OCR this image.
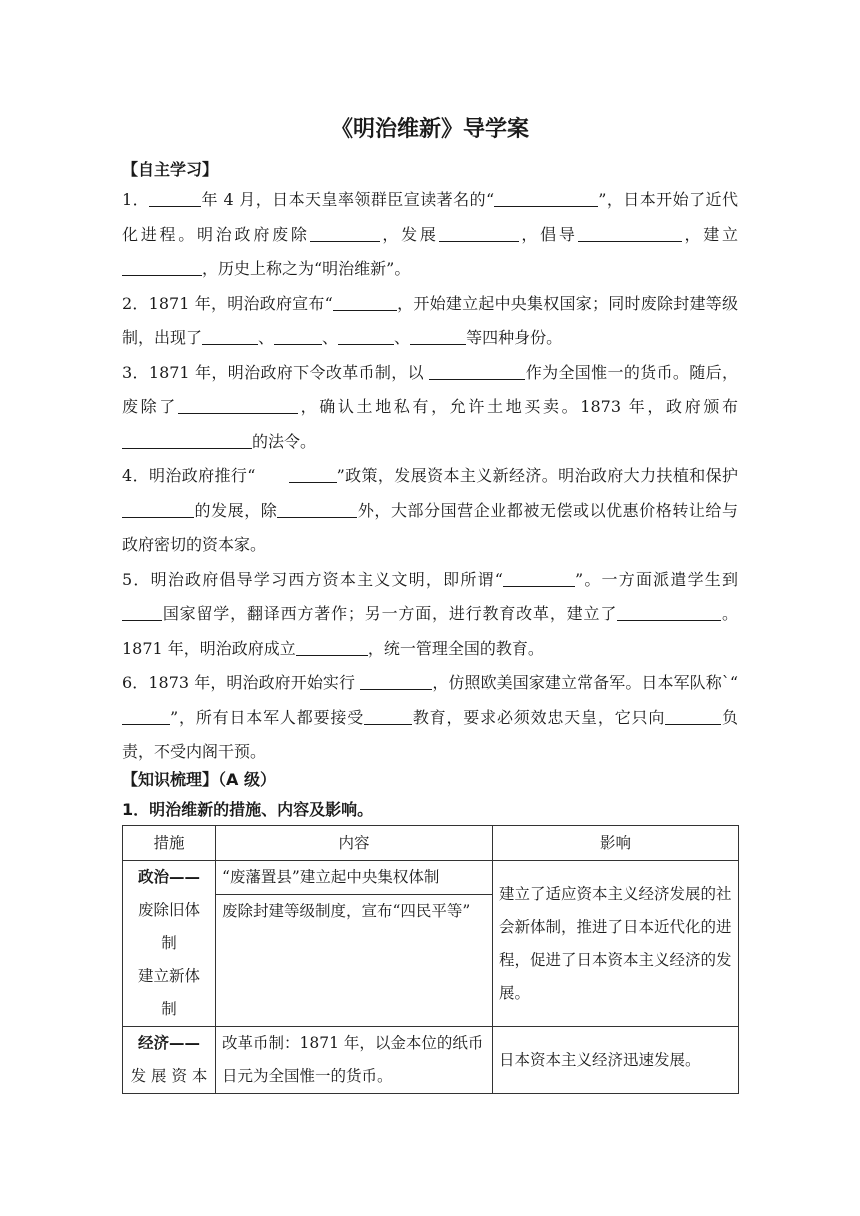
《明治维新》导学案
【自主学习】

1．	年 4 月，日本天皇率领群臣宣读著名的“	”，日本开始了近代化进程。明治政府废除	，发展	，倡导	，建立，历史上称之为“明治维新”。

2．1871 年，明治政府宣布“	，开始建立起中央集权国家；同时废除封建等级制，出现了	、	、	、	等四种身份。

3．1871 年，明治政府下令改革币制，以	作为全国惟一的货币。随后，废除了	，确认土地私有，允许土地买卖。1873 年，政府颁布的法令。

4．明治政府推行“　　	”政策，发展资本主义新经济。明治政府大力扶植和保护的发展，除	外，大部分国营企业都被无偿或以优惠价格转让给与政府密切的资本家。

5．明治政府倡导学习西方资本主义文明，即所谓“	”。一方面派遣学生到国家留学，翻译西方著作；另一方面，进行教育改革，建立了	。1871 年，明治政府成立	，统一管理全国的教育。

6．1873 年，明治政府开始实行	，仿照欧美国家建立常备军。日本军队称`“”，所有日本军人都要接受	教育，要求必须效忠天皇，它只向	负责，不受内阁干预。

【知识梳理】（A 级）
1．明治维新的措施、内容及影响。
措施	内容	影响

政治——
废除旧体
制
建立新体
制	“废藩置县”建立起中央集权体制	建立了适应资本主义经济发展的社会新体制，推进了日本近代化的进程，促进了日本资本主义经济的发展。

	废除封建等级制度，宣布“四民平等”	

经济——
发 展 资 本	改革币制：1871 年，以金本位的纸币日元为全国惟一的货币。	日本资本主义经济迅速发展。
